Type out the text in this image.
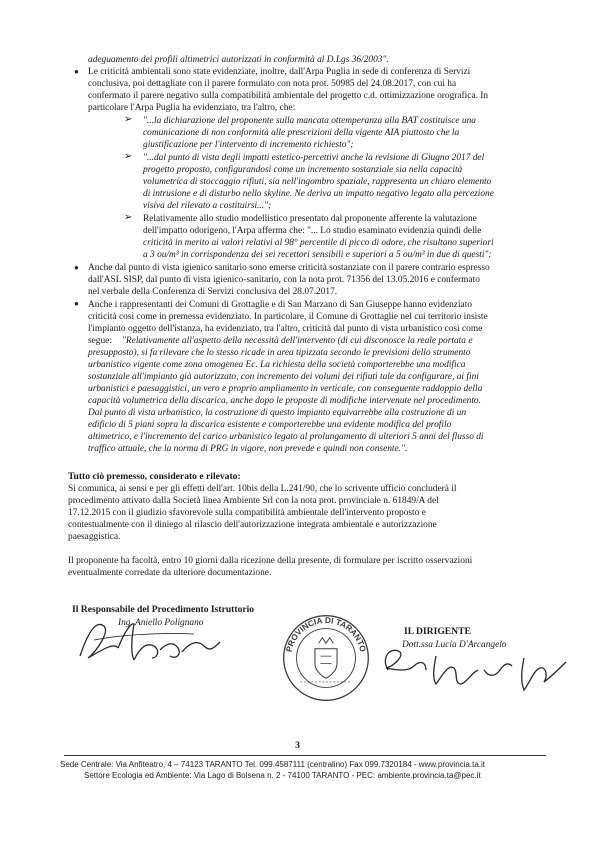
adeguamento dei profili altimetrici autorizzati in conformità al D.Lgs 36/2003".
● Le criticità ambientali sono state evidenziate, inoltre, dall'Arpa Puglia in sede di conferenza di Servizi
conclusiva, poi dettagliate con il parere formulato con nota prot. 50985 del 24.08.2017, con cui ha
confermato il parere negativo sulla compatibilità ambientale del progetto c.d. ottimizzazione orografica. In
particolare l'Arpa Puglia ha evidenziato, tra l'altro, che:
➢ "...la dichiarazione del proponente sulla mancata ottemperanza alla BAT costituisce una
comunicazione di non conformità alle prescrizioni della vigente AIA piuttosto che la
giustificazione per l'intervento di incremento richiesto";
➢ "...dal punto di vista degli impatti estetico-percettivi anche la revisione di Giugno 2017 del
progetto proposto, configurandosi come un incremento sostanziale sia nella capacità
volumetrica di stoccaggio rifiuti, sia nell'ingombro spaziale, rappresenta un chiaro elemento
di intrusione e di disturbo nello skyline. Ne deriva un impatto negativo legato alla percezione
visiva del rilevato a costituirsi...";
➢ Relativamente allo studio modellistico presentato dal proponente afferente la valutazione
dell'impatto odorigeno, l'Arpa afferma che: "... Lo studio esaminato evidenzia quindi delle
criticità in merito ai valori relativi al 98° percentile di picco di odore, che risultano superiori
a 3 ou/m³ in corrispondenza dei sei recettori sensibili e superiori a 5 ou/m³ in due di questi";
● Anche dal punto di vista igienico sanitario sono emerse criticità sostanziate con il parere contrario espresso
dall'ASL SISP, dal punto di vista igienico-sanitario, con la nota prot. 71356 del 13.05.2016 e confermato
nel verbale della Conferenza di Servizi conclusiva del 28.07.2017.
● Anche i rappresentanti dei Comuni di Grottaglie e di San Marzano di San Giuseppe hanno evidenziato
criticità così come in premessa evidenziato. In particolare, il Comune di Grottaglie nel cui territorio insiste
l'impianto oggetto dell'istanza, ha evidenziato, tra l'altro, criticità dal punto di vista urbanistico così come
segue:	"Relativamente all'aspetto della necessità dell'intervento (di cui disconosce la reale portata e
presupposto), si fa rilevare che lo stesso ricade in area tipizzata secondo le previsioni dello strumento
urbanistico vigente come zona omogenea Ec. La richiesta della società comporterebbe una modifica
sostanziale all'impianto già autorizzato, con incremento dei volumi dei rifiuti tale da configurare, ai fini
urbanistici e paesaggistici, un vero e proprio ampliamento in verticale, con conseguente raddoppio della
capacità volumetrica della discarica, anche dopo le proposte di modifiche intervenute nel procedimento.
Dal punto di vista urbanistico, la costruzione di questo impianto equivarrebbe alla costruzione di un
edificio di 5 piani sopra la discarica esistente e comporterebbe una evidente modifica del profilo
altimetrico, e l'incremento del carico urbanistico legato al prolungamento di ulteriori 5 anni del flusso di
traffico attuale, che la norma di PRG in vigore, non prevede e quindi non consente.".
Tutto ciò premesso, considerato e rilevato:
Si comunica, ai sensi e per gli effetti dell'art. 10bis della L.241/90, che lo scrivente ufficio concluderà il
procedimento attivato dalla Società linea Ambiente Srl con la nota prot. provinciale n. 61849/A del
17.12.2015 con il giudizio sfavorevole sulla compatibilità ambientale dell'intervento proposto e
contestualmente con il diniego al rilascio dell'autorizzazione integrata ambientale e autorizzazione
paesaggistica.
Il proponente ha facoltà, entro 10 giorni dalla ricezione della presente, di formulare per iscritto osservazioni
eventualmente corredate da ulteriore documentazione.
Il Responsabile del Procedimento Istruttorio
Ing. Aniello Polignano
PROVINCIA DI TARANTO
IL DIRIGENTE
Dott.ssa Lucia D'Arcangelo
3
Sede Centrale: Via Anfiteatro, 4 – 74123 TARANTO Tel. 099.4587111 (centralino) Fax 099.7320184 - www.provincia.ta.it
Settore Ecologia ed Ambiente: Via Lago di Bolsena n. 2 - 74100 TARANTO - PEC: ambiente.provincia.ta@pec.it
